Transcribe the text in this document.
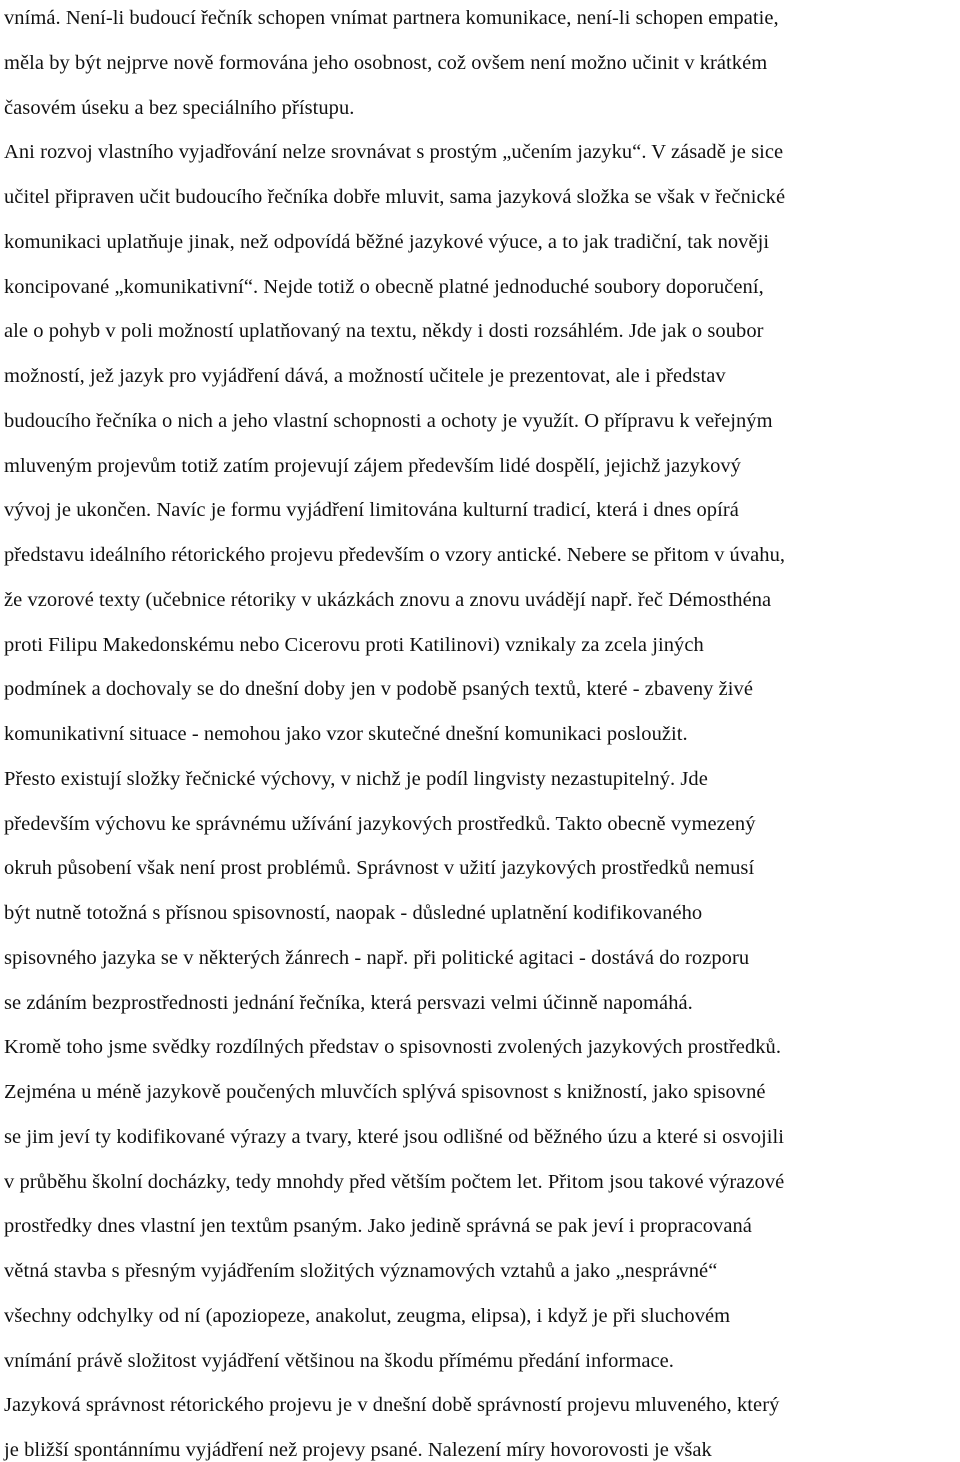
vnímá. Není-li budoucí řečník schopen vnímat partnera komunikace, není-li schopen empatie,
měla by být nejprve nově formována jeho osobnost, což ovšem není možno učinit v krátkém
časovém úseku a bez speciálního přístupu.
Ani rozvoj vlastního vyjadřování nelze srovnávat s prostým „učením jazyku“. V zásadě je sice
učitel připraven učit budoucího řečníka dobře mluvit, sama jazyková složka se však v řečnické
komunikaci uplatňuje jinak, než odpovídá běžné jazykové výuce, a to jak tradiční, tak nověji
koncipované „komunikativní“. Nejde totiž o obecně platné jednoduché soubory doporučení,
ale o pohyb v poli možností uplatňovaný na textu, někdy i dosti rozsáhlém. Jde jak o soubor
možností, jež jazyk pro vyjádření dává, a možností učitele je prezentovat, ale i představ
budoucího řečníka o nich a jeho vlastní schopnosti a ochoty je využít. O přípravu k veřejným
mluveným projevům totiž zatím projevují zájem především lidé dospělí, jejichž jazykový
vývoj je ukončen. Navíc je formu vyjádření limitována kulturní tradicí, která i dnes opírá
představu ideálního rétorického projevu především o vzory antické. Nebere se přitom v úvahu,
že vzorové texty (učebnice rétoriky v ukázkách znovu a znovu uvádějí např. řeč Démosthéna
proti Filipu Makedonskému nebo Cicerovu proti Katilinovi) vznikaly za zcela jiných
podmínek a dochovaly se do dnešní doby jen v podobě psaných textů, které - zbaveny živé
komunikativní situace - nemohou jako vzor skutečné dnešní komunikaci posloužit.
Přesto existují složky řečnické výchovy, v nichž je podíl lingvisty nezastupitelný. Jde
především výchovu ke správnému užívání jazykových prostředků. Takto obecně vymezený
okruh působení však není prost problémů. Správnost v užití jazykových prostředků nemusí
být nutně totožná s přísnou spisovností, naopak - důsledné uplatnění kodifikovaného
spisovného jazyka se v některých žánrech - např. při politické agitaci - dostává do rozporu
se zdáním bezprostřednosti jednání řečníka, která persvazi velmi účinně napomáhá.
Kromě toho jsme svědky rozdílných představ o spisovnosti zvolených jazykových prostředků.
Zejména u méně jazykově poučených mluvčích splývá spisovnost s knižností, jako spisovné
se jim jeví ty kodifikované výrazy a tvary, které jsou odlišné od běžného úzu a které si osvojili
v průběhu školní docházky, tedy mnohdy před větším počtem let. Přitom jsou takové výrazové
prostředky dnes vlastní jen textům psaným. Jako jedině správná se pak jeví i propracovaná
větná stavba s přesným vyjádřením složitých významových vztahů a jako „nesprávné“
všechny odchylky od ní (apoziopeze, anakolut, zeugma, elipsa), i když je při sluchovém
vnímání právě složitost vyjádření většinou na škodu přímému předání informace.
Jazyková správnost rétorického projevu je v dnešní době správností projevu mluveného, který
je bližší spontánnímu vyjádření než projevy psané. Nalezení míry hovorovosti je však
